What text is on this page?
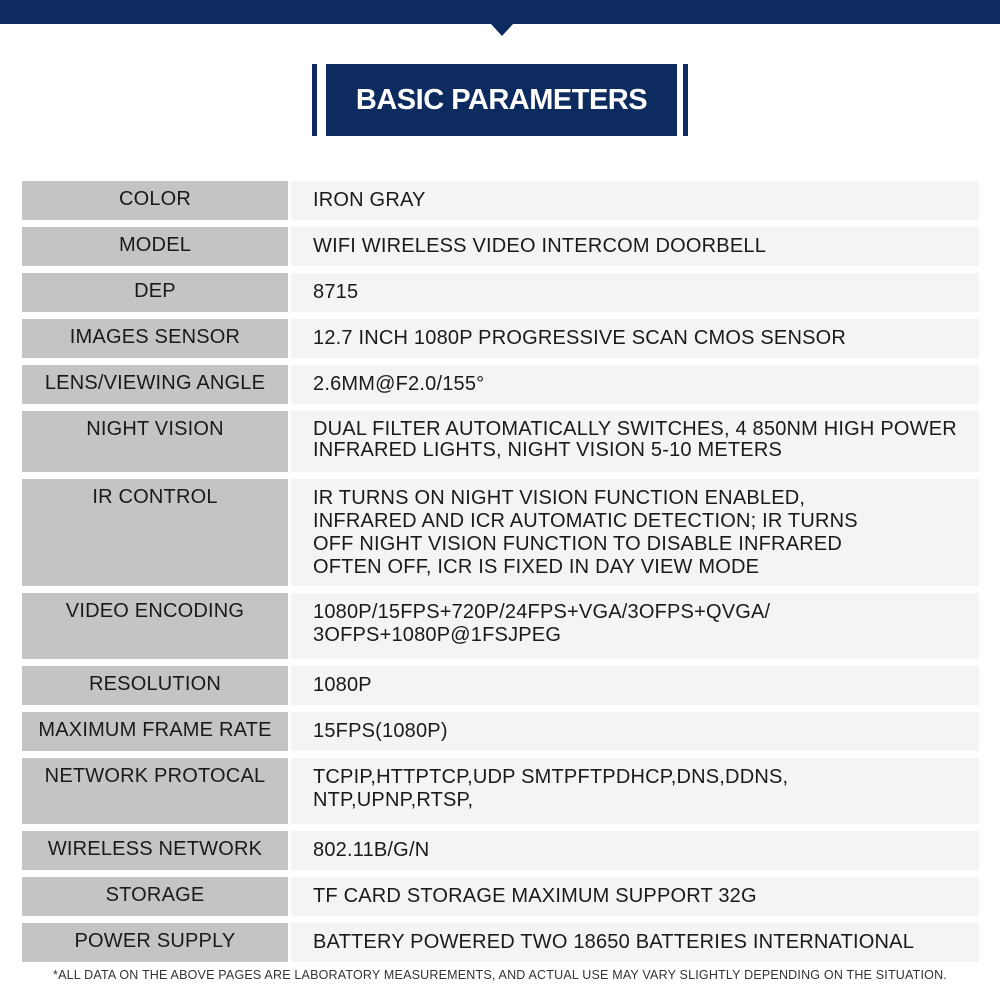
BASIC PARAMETERS
COLOR	IRON GRAY
MODEL	WIFI WIRELESS VIDEO INTERCOM DOORBELL
DEP	8715
IMAGES SENSOR	12.7 INCH 1080P PROGRESSIVE SCAN CMOS SENSOR
LENS/VIEWING ANGLE	2.6MM@F2.0/155°
NIGHT VISION	DUAL FILTER AUTOMATICALLY SWITCHES, 4 850NM HIGH POWER INFRARED LIGHTS, NIGHT VISION 5-10 METERS
IR CONTROL	IR TURNS ON NIGHT VISION FUNCTION ENABLED, INFRARED AND ICR AUTOMATIC DETECTION; IR TURNS OFF NIGHT VISION FUNCTION TO DISABLE INFRARED OFTEN OFF, ICR IS FIXED IN DAY VIEW MODE
VIDEO ENCODING	1080P/15FPS+720P/24FPS+VGA/3OFPS+QVGA/ 3OFPS+1080P@1FSJPEG
RESOLUTION	1080P
MAXIMUM FRAME RATE	15FPS(1080P)
NETWORK PROTOCAL	TCPIP,HTTPTCP,UDP SMTPFTPDHCP,DNS,DDNS, NTP,UPNP,RTSP,
WIRELESS NETWORK	802.11B/G/N
STORAGE	TF CARD STORAGE MAXIMUM SUPPORT 32G
POWER SUPPLY	BATTERY POWERED TWO 18650 BATTERIES INTERNATIONAL
*ALL DATA ON THE ABOVE PAGES ARE LABORATORY MEASUREMENTS, AND ACTUAL USE MAY VARY SLIGHTLY DEPENDING ON THE SITUATION.
